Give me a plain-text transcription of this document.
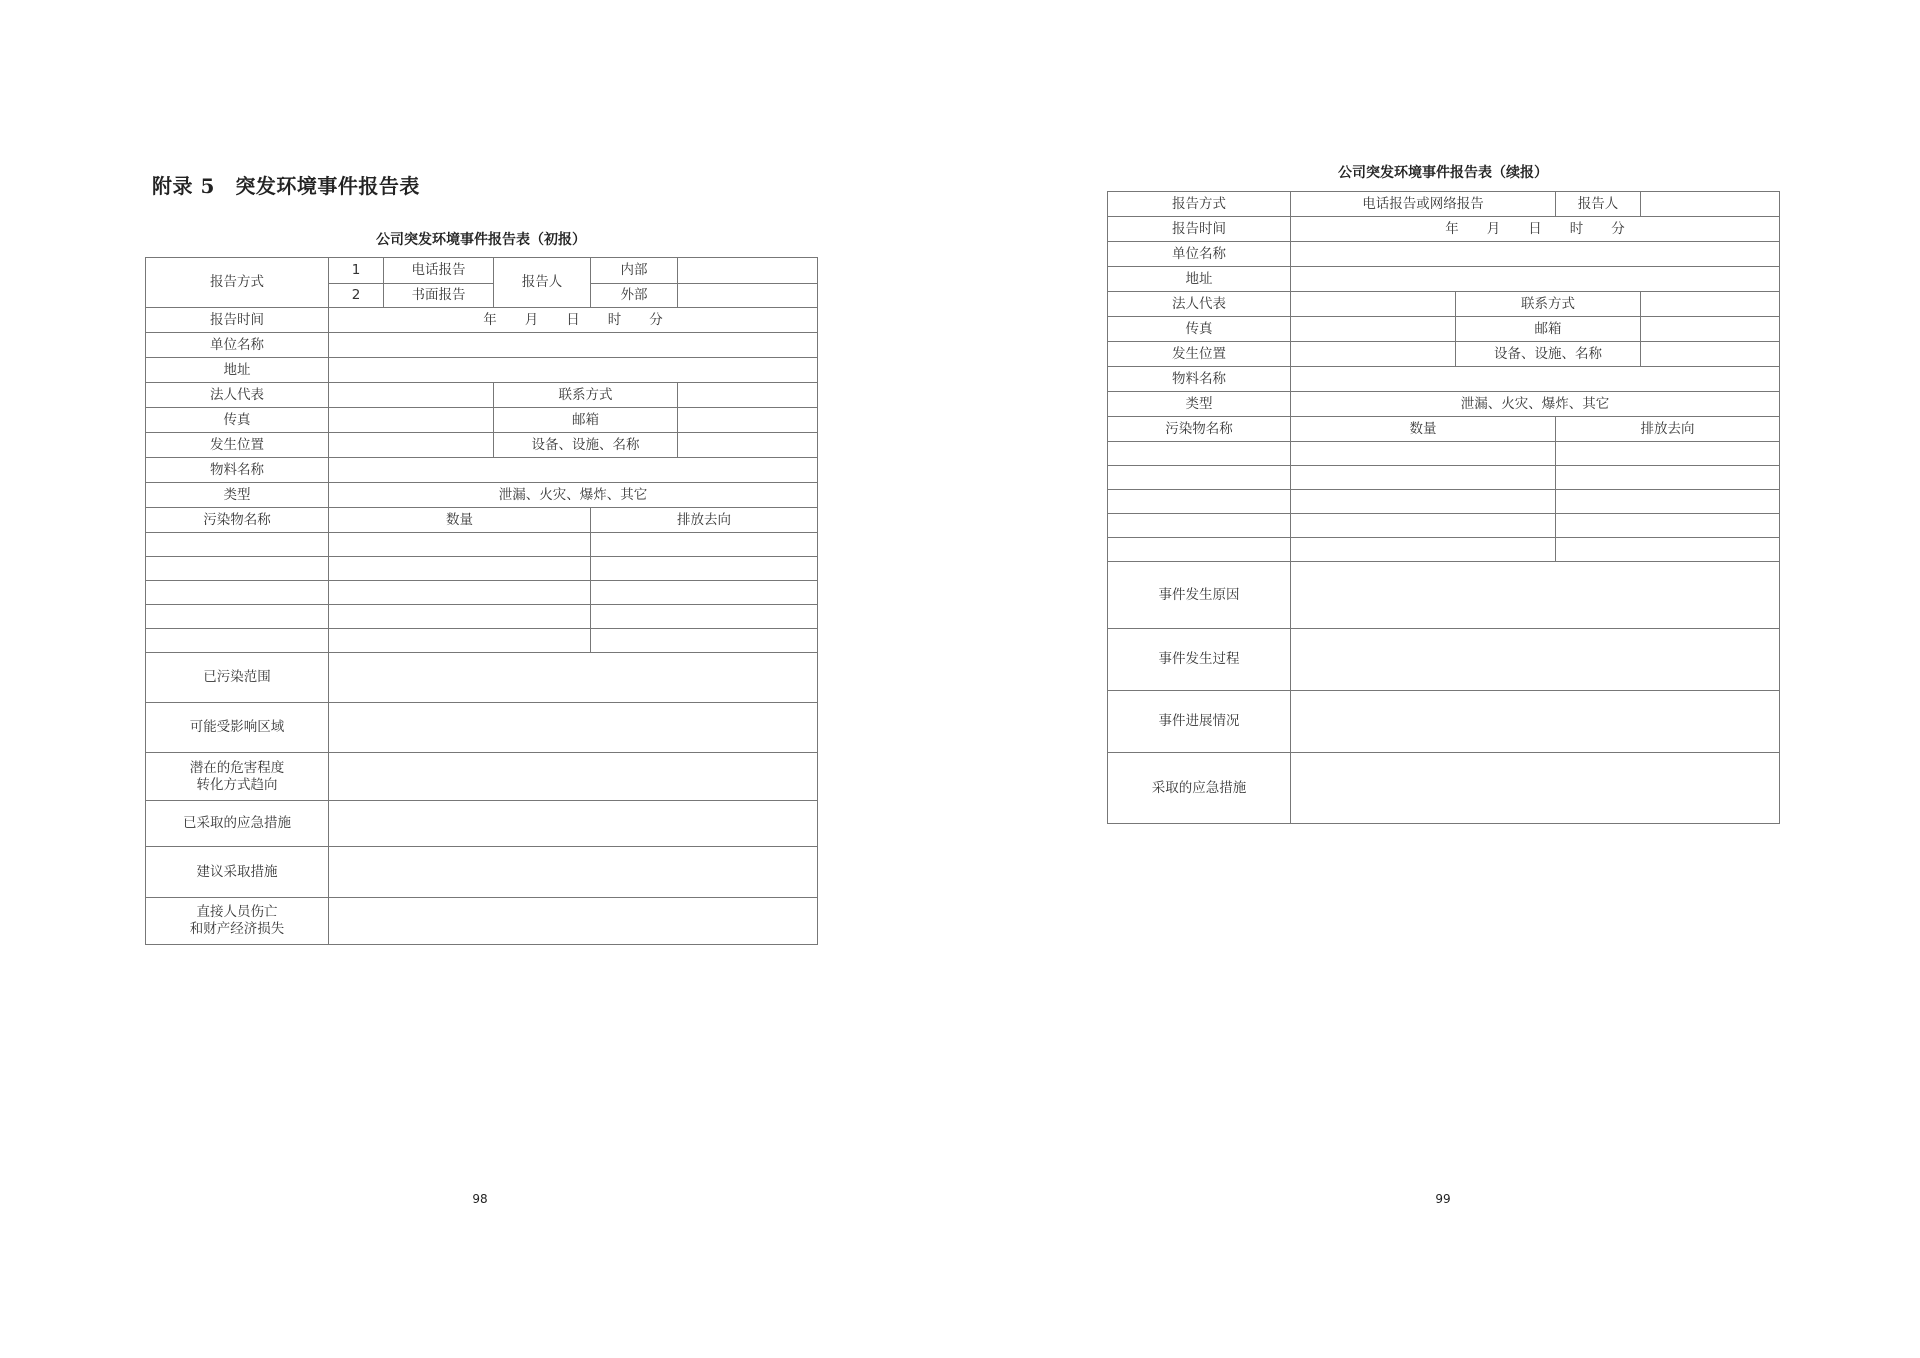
附录 5　突发环境事件报告表
公司突发环境事件报告表（初报）
报告方式	1	电话报告	报告人	内部	
	2	书面报告		外部	
报告时间	年 月 日 时 分				
单位名称					
地址					
法人代表			联系方式		
传真			邮箱		
发生位置			设备、设施、名称		
物料名称					
类型	泄漏、火灾、爆炸、其它				
污染物名称	数量			排放去向	

已污染范围					
可能受影响区域					
潜在的危害程度
转化方式趋向					
已采取的应急措施					
建议采取措施					
直接人员伤亡
和财产经济损失					
98
公司突发环境事件报告表（续报）
报告方式	电话报告或网络报告		报告人	
报告时间	年 月 日 时 分			
单位名称				
地址				
法人代表		联系方式		
传真		邮箱		
发生位置		设备、设施、名称		
物料名称				
类型	泄漏、火灾、爆炸、其它			
污染物名称	数量		排放去向	

事件发生原因				
事件发生过程				
事件进展情况				
采取的应急措施				
99
